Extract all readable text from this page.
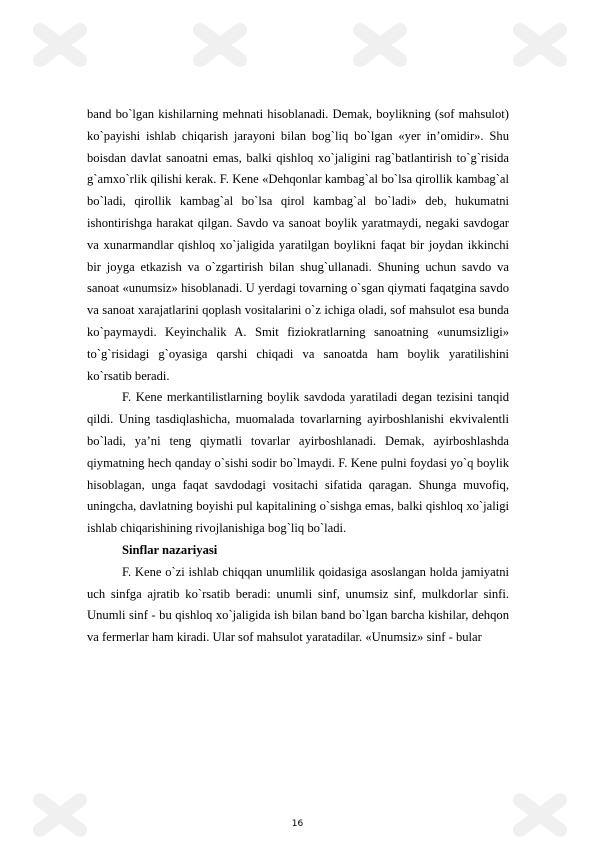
band bo`lgan kishilarning mehnati hisoblanadi. Demak, boylikning (sof mahsulot) ko`payishi ishlab chiqarish jarayoni bilan bog`liq bo`lgan «yer in’omidir». Shu boisdan davlat sanoatni emas, balki qishloq xo`jaligini rag`batlantirish to`g`risida g`amxo`rlik qilishi kerak. F. Kene «Dehqonlar kambag`al bo`lsa qirollik kambag`al bo`ladi, qirollik kambag`al bo`lsa qirol kambag`al bo`ladi» deb, hukumatni ishontirishga harakat qilgan. Savdo va sanoat boylik yaratmaydi, negaki savdogar va xunarmandlar qishloq xo`jaligida yaratilgan boylikni faqat bir joydan ikkinchi bir joyga etkazish va o`zgartirish bilan shug`ullanadi. Shuning uchun savdo va sanoat «unumsiz» hisoblanadi. U yerdagi tovarning o`sgan qiymati faqatgina savdo va sanoat xarajatlarini qoplash vositalarini o`z ichiga oladi, sof mahsulot esa bunda ko`paymaydi. Keyinchalik A. Smit fiziokratlarning sanoatning «unumsizligi» to`g`risidagi g`oyasiga qarshi chiqadi va sanoatda ham boylik yaratilishini ko`rsatib beradi.

F. Kene merkantilistlarning boylik savdoda yaratiladi degan tezisini tanqid qildi. Uning tasdiqlashicha, muomalada tovarlarning ayirboshlanishi ekvivalentli bo`ladi, ya’ni teng qiymatli tovarlar ayirboshlanadi. Demak, ayirboshlashda qiymatning hech qanday o`sishi sodir bo`lmaydi. F. Kene pulni foydasi yo`q boylik hisoblagan, unga faqat savdodagi vositachi sifatida qaragan. Shunga muvofiq, uningcha, davlatning boyishi pul kapitalining o`sishga emas, balki qishloq xo`jaligi ishlab chiqarishining rivojlanishiga bog`liq bo`ladi.

Sinflar nazariyasi

F. Kene o`zi ishlab chiqqan unumlilik qoidasiga asoslangan holda jamiyatni uch sinfga ajratib ko`rsatib beradi: unumli sinf, unumsiz sinf, mulkdorlar sinfi. Unumli sinf - bu qishloq xo`jaligida ish bilan band bo`lgan barcha kishilar, dehqon va fermerlar ham kiradi. Ular sof mahsulot yaratadilar. «Unumsiz» sinf - bular

16
